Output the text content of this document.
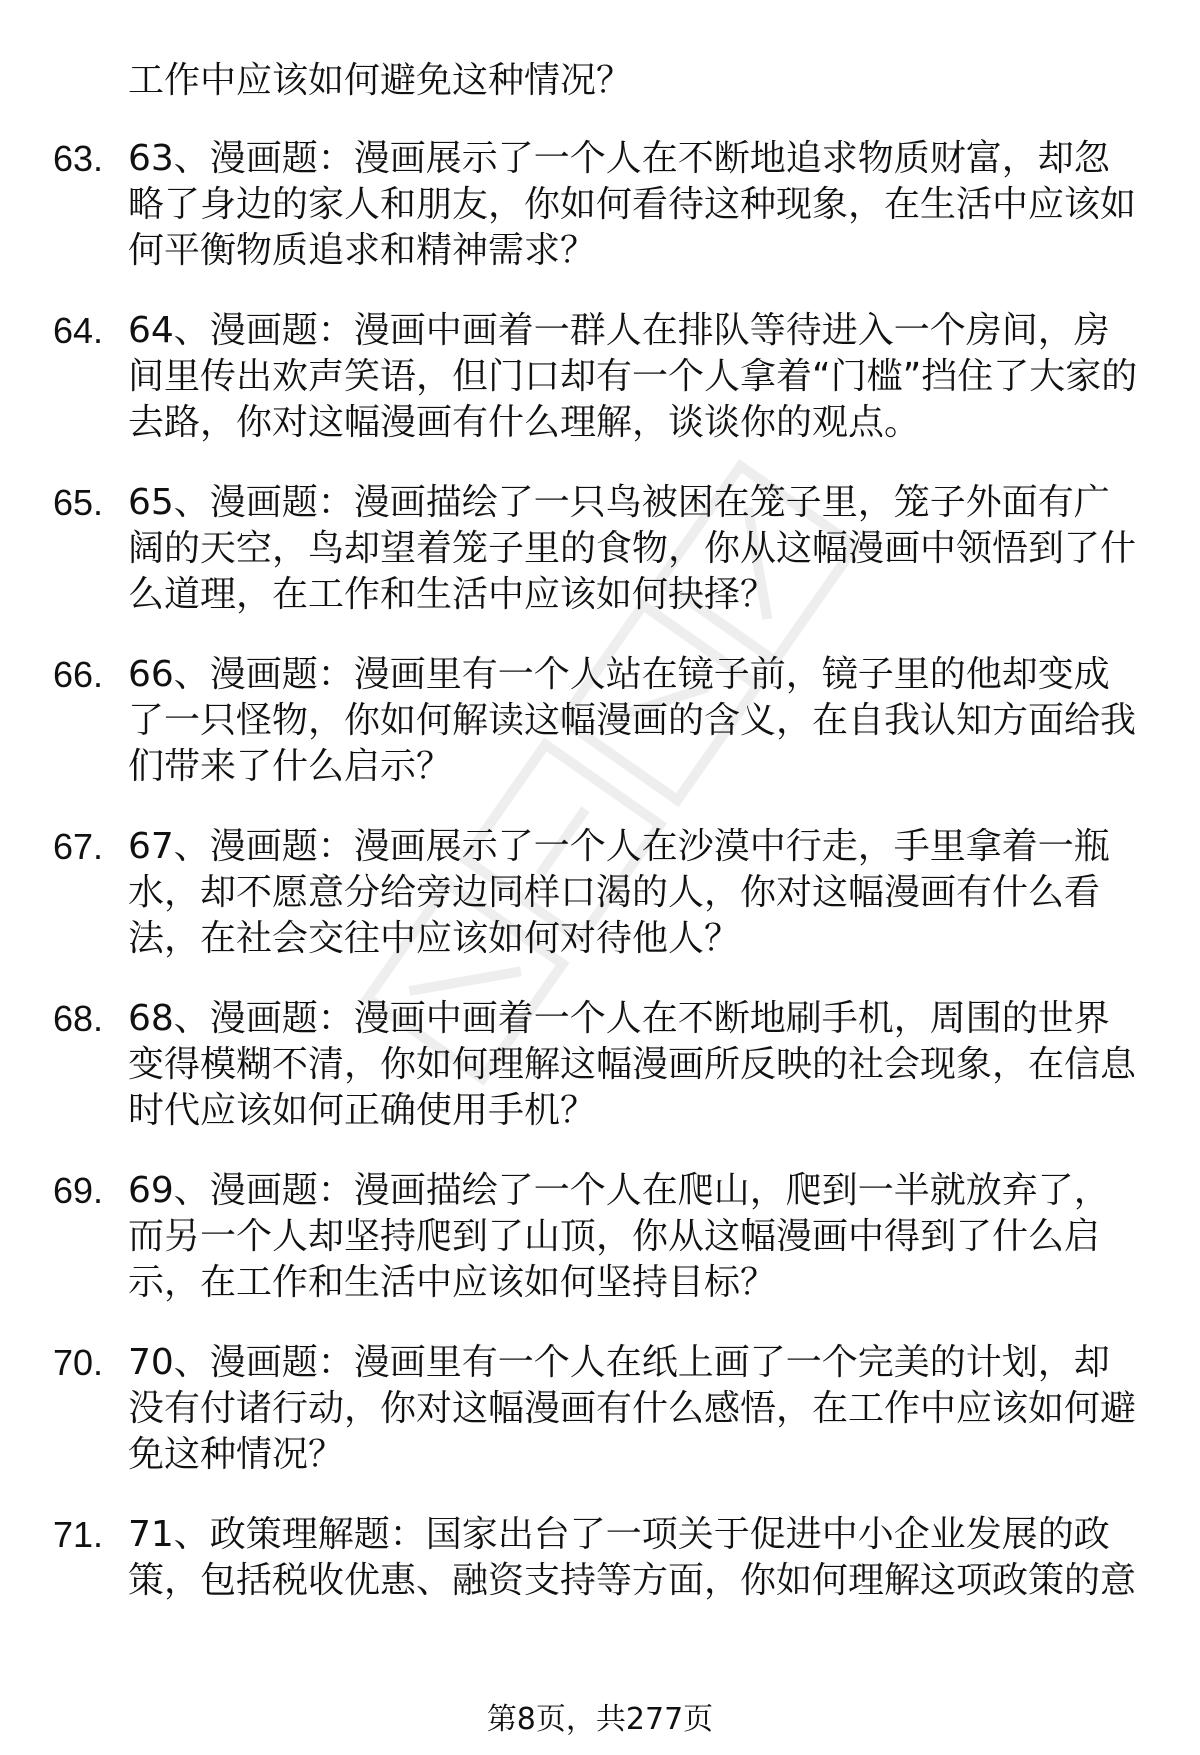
工作中应该如何避免这种情况？

63. 63、漫画题：漫画展示了一个人在不断地追求物质财富，却忽略了身边的家人和朋友，你如何看待这种现象，在生活中应该如何平衡物质追求和精神需求？

64. 64、漫画题：漫画中画着一群人在排队等待进入一个房间，房间里传出欢声笑语，但门口却有一个人拿着“门槛”挡住了大家的去路，你对这幅漫画有什么理解，谈谈你的观点。

65. 65、漫画题：漫画描绘了一只鸟被困在笼子里，笼子外面有广阔的天空，鸟却望着笼子里的食物，你从这幅漫画中领悟到了什么道理，在工作和生活中应该如何抉择？

66. 66、漫画题：漫画里有一个人站在镜子前，镜子里的他却变成了一只怪物，你如何解读这幅漫画的含义，在自我认知方面给我们带来了什么启示？

67. 67、漫画题：漫画展示了一个人在沙漠中行走，手里拿着一瓶水，却不愿意分给旁边同样口渴的人，你对这幅漫画有什么看法，在社会交往中应该如何对待他人？

68. 68、漫画题：漫画中画着一个人在不断地刷手机，周围的世界变得模糊不清，你如何理解这幅漫画所反映的社会现象，在信息时代应该如何正确使用手机？

69. 69、漫画题：漫画描绘了一个人在爬山，爬到一半就放弃了，而另一个人却坚持爬到了山顶，你从这幅漫画中得到了什么启示，在工作和生活中应该如何坚持目标？

70. 70、漫画题：漫画里有一个人在纸上画了一个完美的计划，却没有付诸行动，你对这幅漫画有什么感悟，在工作中应该如何避免这种情况？

71. 71、政策理解题：国家出台了一项关于促进中小企业发展的政策，包括税收优惠、融资支持等方面，你如何理解这项政策的意

第8页，共277页
